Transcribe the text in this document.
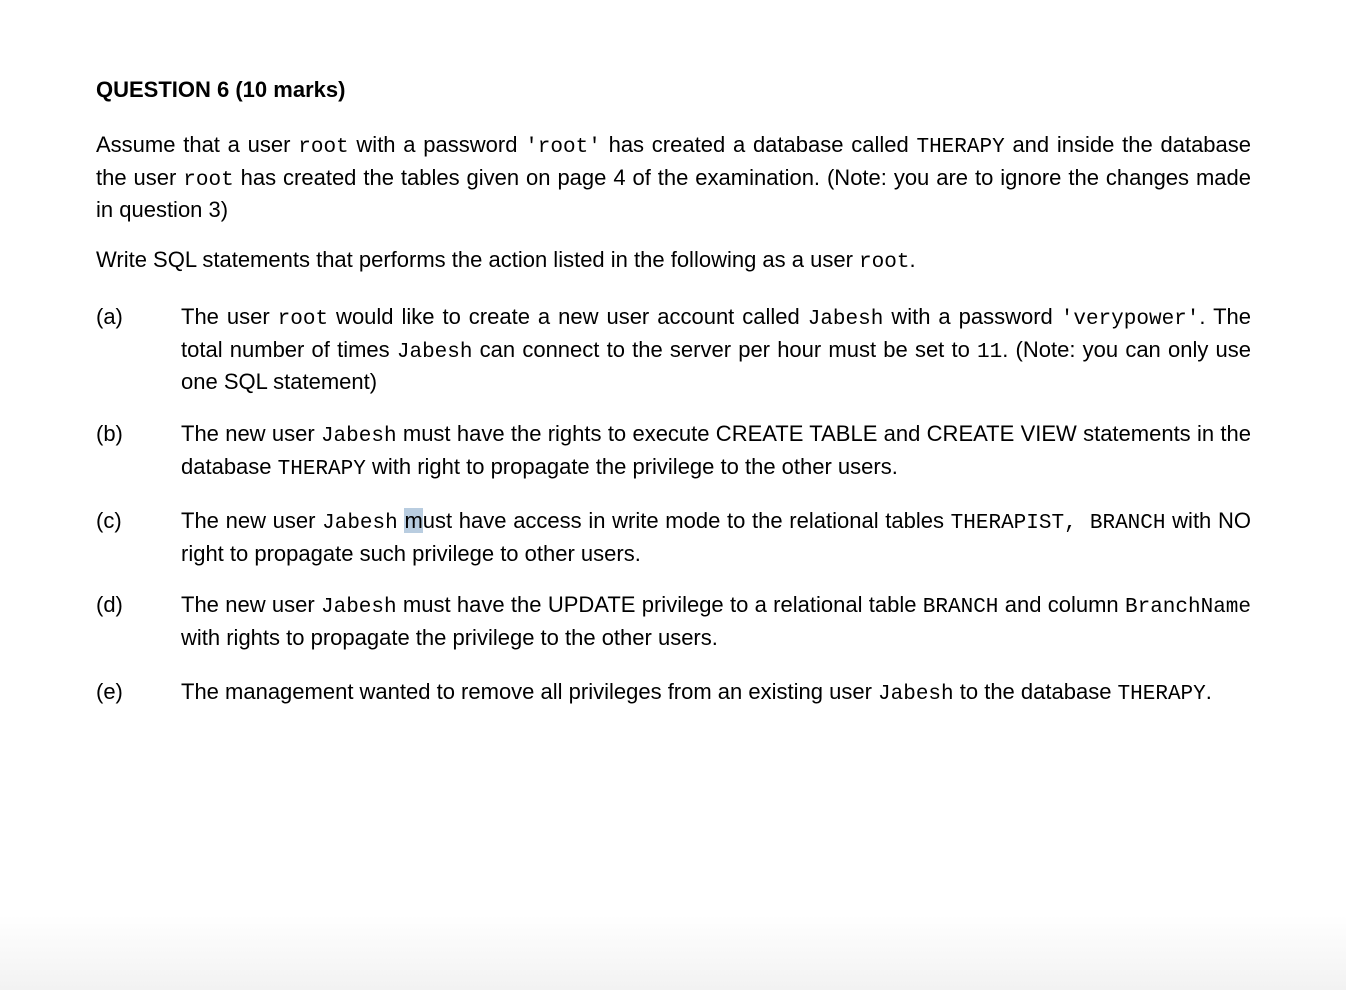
QUESTION 6 (10 marks)
Assume that a user root with a password 'root' has created a database called THERAPY and inside the database the user root has created the tables given on page 4 of the examination. (Note: you are to ignore the changes made in question 3)
Write SQL statements that performs the action listed in the following as a user root.
(a)	The user root would like to create a new user account called Jabesh with a password 'verypower'. The total number of times Jabesh can connect to the server per hour must be set to 11. (Note: you can only use one SQL statement)
(b)	The new user Jabesh must have the rights to execute CREATE TABLE and CREATE VIEW statements in the database THERAPY with right to propagate the privilege to the other users.
(c)	The new user Jabesh must have access in write mode to the relational tables THERAPIST, BRANCH with NO right to propagate such privilege to other users.
(d)	The new user Jabesh must have the UPDATE privilege to a relational table BRANCH and column BranchName with rights to propagate the privilege to the other users.
(e)	The management wanted to remove all privileges from an existing user Jabesh to the database THERAPY.
